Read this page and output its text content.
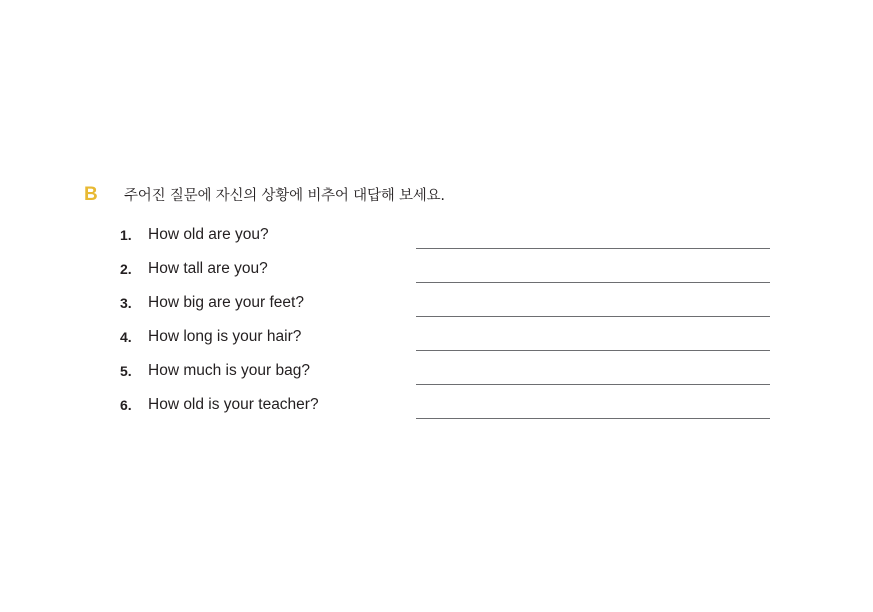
B	주어진 질문에 자신의 상황에 비추어 대답해 보세요.
1.	How old are you?
2.	How tall are you?
3.	How big are your feet?
4.	How long is your hair?
5.	How much is your bag?
6.	How old is your teacher?
